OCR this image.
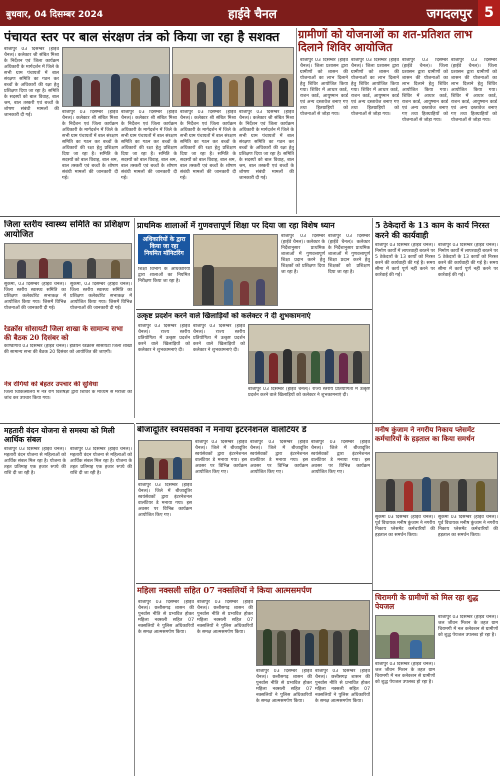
बुधवार, 04 दिसम्बर 2024	हाईवे चैनल	जगदलपुर 5
पंचायत स्तर पर बाल संरक्षण तंत्र को किया जा रहा है सशक्त	ग्रामीणों को योजनाओं का शत-प्रतिशत लाभ दिलाने शिविर आयोजित
बीजापुर 03 दिसम्बर (हाईवे चैनल)। कलेक्टर श्री संबित मिश्रा के निर्देशन एवं जिला कार्यक्रम अधिकारी के मार्गदर्शन में जिले के सभी ग्राम पंचायतों में बाल संरक्षण समिति का गठन कर बच्चों के अधिकारों की रक्षा हेतु प्रशिक्षण दिया जा रहा है। समिति के सदस्यों को बाल विवाह, बाल श्रम, बाल तस्करी एवं बच्चों के शोषण संबंधी मामलों की जानकारी दी गई।
बीजापुर 03 दिसम्बर (हाईवे चैनल)। कलेक्टर श्री संबित मिश्रा के निर्देशन एवं जिला कार्यक्रम अधिकारी के मार्गदर्शन में जिले के सभी ग्राम पंचायतों में बाल संरक्षण समिति का गठन कर बच्चों के अधिकारों की रक्षा हेतु प्रशिक्षण दिया जा रहा है। समिति के सदस्यों को बाल विवाह, बाल श्रम, बाल तस्करी एवं बच्चों के शोषण संबंधी मामलों की जानकारी दी गई।
बीजापुर 03 दिसम्बर (हाईवे चैनल)। कलेक्टर श्री संबित मिश्रा के निर्देशन एवं जिला कार्यक्रम अधिकारी के मार्गदर्शन में जिले के सभी ग्राम पंचायतों में बाल संरक्षण समिति का गठन कर बच्चों के अधिकारों की रक्षा हेतु प्रशिक्षण दिया जा रहा है। समिति के सदस्यों को बाल विवाह, बाल श्रम, बाल तस्करी एवं बच्चों के शोषण संबंधी मामलों की जानकारी दी गई।
बीजापुर 03 दिसम्बर (हाईवे चैनल)। कलेक्टर श्री संबित मिश्रा के निर्देशन एवं जिला कार्यक्रम अधिकारी के मार्गदर्शन में जिले के सभी ग्राम पंचायतों में बाल संरक्षण समिति का गठन कर बच्चों के अधिकारों की रक्षा हेतु प्रशिक्षण दिया जा रहा है। समिति के सदस्यों को बाल विवाह, बाल श्रम, बाल तस्करी एवं बच्चों के शोषण संबंधी मामलों की जानकारी दी गई।
बीजापुर 03 दिसम्बर (हाईवे चैनल)। कलेक्टर श्री संबित मिश्रा के निर्देशन एवं जिला कार्यक्रम अधिकारी के मार्गदर्शन में जिले के सभी ग्राम पंचायतों में बाल संरक्षण समिति का गठन कर बच्चों के अधिकारों की रक्षा हेतु प्रशिक्षण दिया जा रहा है। समिति के सदस्यों को बाल विवाह, बाल श्रम, बाल तस्करी एवं बच्चों के शोषण संबंधी मामलों की जानकारी दी गई।
बीजापुर 03 दिसम्बर (हाईवे चैनल)। जिला प्रशासन द्वारा ग्रामीणों को शासन की योजनाओं का लाभ दिलाने हेतु शिविर आयोजित किया गया। शिविर में आधार कार्ड, राशन कार्ड, आयुष्मान कार्ड एवं अन्य दस्तावेज बनाए गए तथा हितग्राहियों को योजनाओं से जोड़ा गया।
बीजापुर 03 दिसम्बर (हाईवे चैनल)। जिला प्रशासन द्वारा ग्रामीणों को शासन की योजनाओं का लाभ दिलाने हेतु शिविर आयोजित किया गया। शिविर में आधार कार्ड, राशन कार्ड, आयुष्मान कार्ड एवं अन्य दस्तावेज बनाए गए तथा हितग्राहियों को योजनाओं से जोड़ा गया।
बीजापुर 03 दिसम्बर (हाईवे चैनल)। जिला प्रशासन द्वारा ग्रामीणों को शासन की योजनाओं का लाभ दिलाने हेतु शिविर आयोजित किया गया। शिविर में आधार कार्ड, राशन कार्ड, आयुष्मान कार्ड एवं अन्य दस्तावेज बनाए गए तथा हितग्राहियों को योजनाओं से जोड़ा गया।
बीजापुर 03 दिसम्बर (हाईवे चैनल)। जिला प्रशासन द्वारा ग्रामीणों को शासन की योजनाओं का लाभ दिलाने हेतु शिविर आयोजित किया गया। शिविर में आधार कार्ड, राशन कार्ड, आयुष्मान कार्ड एवं अन्य दस्तावेज बनाए गए तथा हितग्राहियों को योजनाओं से जोड़ा गया।
जिला स्तरीय स्वास्थ्य समिति का प्रशिक्षण आयोजित
सुकमा, 03 दिसम्बर (हाईवे चैनल)। जिला स्तरीय स्वास्थ्य समिति का प्रशिक्षण कलेक्टोरेट सभाकक्ष में आयोजित किया गया। जिसमें विभिन्न योजनाओं की जानकारी दी गई।
सुकमा, 03 दिसम्बर (हाईवे चैनल)। जिला स्तरीय स्वास्थ्य समिति का प्रशिक्षण कलेक्टोरेट सभाकक्ष में आयोजित किया गया। जिसमें विभिन्न योजनाओं की जानकारी दी गई।
रेडक्रॉस सोसायटी जिला शाखा के सामान्य सभा की बैठक 20 दिसंबर को
कोण्डागांव 03 दिसम्बर (हाईवे चैनल)। इंडियन रेडक्रॉस सोसायटी जिला शाखा की सामान्य सभा की बैठक 20 दिसंबर को आयोजित की जाएगी।
नेत्र रोगियों को बेहतर उपचार की सुविधा
जिला चिकित्सालय में नेत्र रोग विशेषज्ञों द्वारा शिविर के माध्यम से मरीजों की जांच कर उपचार किया गया।
प्राथमिक शालाओं में गुणवत्तापूर्ण शिक्षा पर दिया जा रहा विशेष ध्यान
अधिकारियों के द्वारा किया जा रहा नियमित मॉनिटरिंग
शिक्षा विभाग के अधिकारियों द्वारा शालाओं का नियमित निरीक्षण किया जा रहा है।
बीजापुर 03 दिसम्बर (हाईवे चैनल)। कलेक्टर के निर्देशानुसार प्राथमिक शालाओं में गुणवत्तापूर्ण शिक्षा प्रदान करने हेतु शिक्षकों को प्रशिक्षण दिया जा रहा है।
बीजापुर 03 दिसम्बर (हाईवे चैनल)। कलेक्टर के निर्देशानुसार प्राथमिक शालाओं में गुणवत्तापूर्ण शिक्षा प्रदान करने हेतु शिक्षकों को प्रशिक्षण दिया जा रहा है।
5 ठेकेदारों के 13 काम के कार्य निरस्त करने की कार्यवाही
बीजापुर 03 दिसम्बर (हाईवे चैनल)। निर्माण कार्यों में लापरवाही बरतने पर 5 ठेकेदारों के 13 कार्यों को निरस्त करने की कार्यवाही की गई है। समय सीमा में कार्य पूर्ण नहीं करने पर कार्रवाई की गई।
बीजापुर 03 दिसम्बर (हाईवे चैनल)। निर्माण कार्यों में लापरवाही बरतने पर 5 ठेकेदारों के 13 कार्यों को निरस्त करने की कार्यवाही की गई है। समय सीमा में कार्य पूर्ण नहीं करने पर कार्रवाई की गई।
उत्कृष्ट प्रदर्शन करने वाले खिलाड़ियों को कलेक्टर ने दी शुभकामनाएं
बीजापुर 03 दिसम्बर (हाईवे चैनल)। राज्य स्तरीय प्रतियोगिता में उत्कृष्ट प्रदर्शन करने वाले खिलाड़ियों को कलेक्टर ने शुभकामनाएं दी।
बीजापुर 03 दिसम्बर (हाईवे चैनल)। राज्य स्तरीय प्रतियोगिता में उत्कृष्ट प्रदर्शन करने वाले खिलाड़ियों को कलेक्टर ने शुभकामनाएं दी।
बीजापुर 03 दिसम्बर (हाईवे चैनल)। राज्य स्तरीय प्रतियोगिता में उत्कृष्ट प्रदर्शन करने वाले खिलाड़ियों को कलेक्टर ने शुभकामनाएं दी।
मनीष कुंजाम ने नगरीय निकाय प्लेसमेंट कर्मचारियों के हड़ताल का किया समर्थन
सुकमा 03 दिसम्बर (हाईवे चैनल)। पूर्व विधायक मनीष कुंजाम ने नगरीय निकाय प्लेसमेंट कर्मचारियों की हड़ताल का समर्थन किया।
सुकमा 03 दिसम्बर (हाईवे चैनल)। पूर्व विधायक मनीष कुंजाम ने नगरीय निकाय प्लेसमेंट कर्मचारियों की हड़ताल का समर्थन किया।
बीजादूतिर स्वयंसेवकों ने मनाया इंटरनेशनल वालंटियर डे
बीजापुर 03 दिसम्बर (हाईवे चैनल)। जिले में बीजादूतिर स्वयंसेवकों द्वारा इंटरनेशनल वालंटियर डे मनाया गया। इस अवसर पर विभिन्न कार्यक्रम आयोजित किए गए।
बीजापुर 03 दिसम्बर (हाईवे चैनल)। जिले में बीजादूतिर स्वयंसेवकों द्वारा इंटरनेशनल वालंटियर डे मनाया गया। इस अवसर पर विभिन्न कार्यक्रम आयोजित किए गए।
बीजापुर 03 दिसम्बर (हाईवे चैनल)। जिले में बीजादूतिर स्वयंसेवकों द्वारा इंटरनेशनल वालंटियर डे मनाया गया। इस अवसर पर विभिन्न कार्यक्रम आयोजित किए गए।
बीजापुर 03 दिसम्बर (हाईवे चैनल)। जिले में बीजादूतिर स्वयंसेवकों द्वारा इंटरनेशनल वालंटियर डे मनाया गया। इस अवसर पर विभिन्न कार्यक्रम आयोजित किए गए।
महतारी वंदन योजना से समस्या को मिली आर्थिक संबल
बीजापुर 03 दिसम्बर (हाईवे चैनल)। महतारी वंदन योजना से महिलाओं को आर्थिक संबल मिल रहा है। योजना के तहत प्रतिमाह एक हजार रुपये की राशि दी जा रही है।
बीजापुर 03 दिसम्बर (हाईवे चैनल)। महतारी वंदन योजना से महिलाओं को आर्थिक संबल मिल रहा है। योजना के तहत प्रतिमाह एक हजार रुपये की राशि दी जा रही है।
महिला नक्सली सहित 07 नक्सलियों ने किया आत्मसमर्पण
बीजापुर 03 दिसम्बर (हाईवे चैनल)। छत्तीसगढ़ शासन की पुनर्वास नीति से प्रभावित होकर महिला नक्सली सहित 07 नक्सलियों ने पुलिस अधिकारियों के समक्ष आत्मसमर्पण किया।
बीजापुर 03 दिसम्बर (हाईवे चैनल)। छत्तीसगढ़ शासन की पुनर्वास नीति से प्रभावित होकर महिला नक्सली सहित 07 नक्सलियों ने पुलिस अधिकारियों के समक्ष आत्मसमर्पण किया।
बीजापुर 03 दिसम्बर (हाईवे चैनल)। छत्तीसगढ़ शासन की पुनर्वास नीति से प्रभावित होकर महिला नक्सली सहित 07 नक्सलियों ने पुलिस अधिकारियों के समक्ष आत्मसमर्पण किया।
बीजापुर 03 दिसम्बर (हाईवे चैनल)। छत्तीसगढ़ शासन की पुनर्वास नीति से प्रभावित होकर महिला नक्सली सहित 07 नक्सलियों ने पुलिस अधिकारियों के समक्ष आत्मसमर्पण किया।
चिरामगी के ग्रामीणों को मिल रहा शुद्ध पेयजल
बीजापुर 03 दिसम्बर (हाईवे चैनल)। जल जीवन मिशन के तहत ग्राम चिरामगी में नल कनेक्शन से ग्रामीणों को शुद्ध पेयजल उपलब्ध हो रहा है।
बीजापुर 03 दिसम्बर (हाईवे चैनल)। जल जीवन मिशन के तहत ग्राम चिरामगी में नल कनेक्शन से ग्रामीणों को शुद्ध पेयजल उपलब्ध हो रहा है।
